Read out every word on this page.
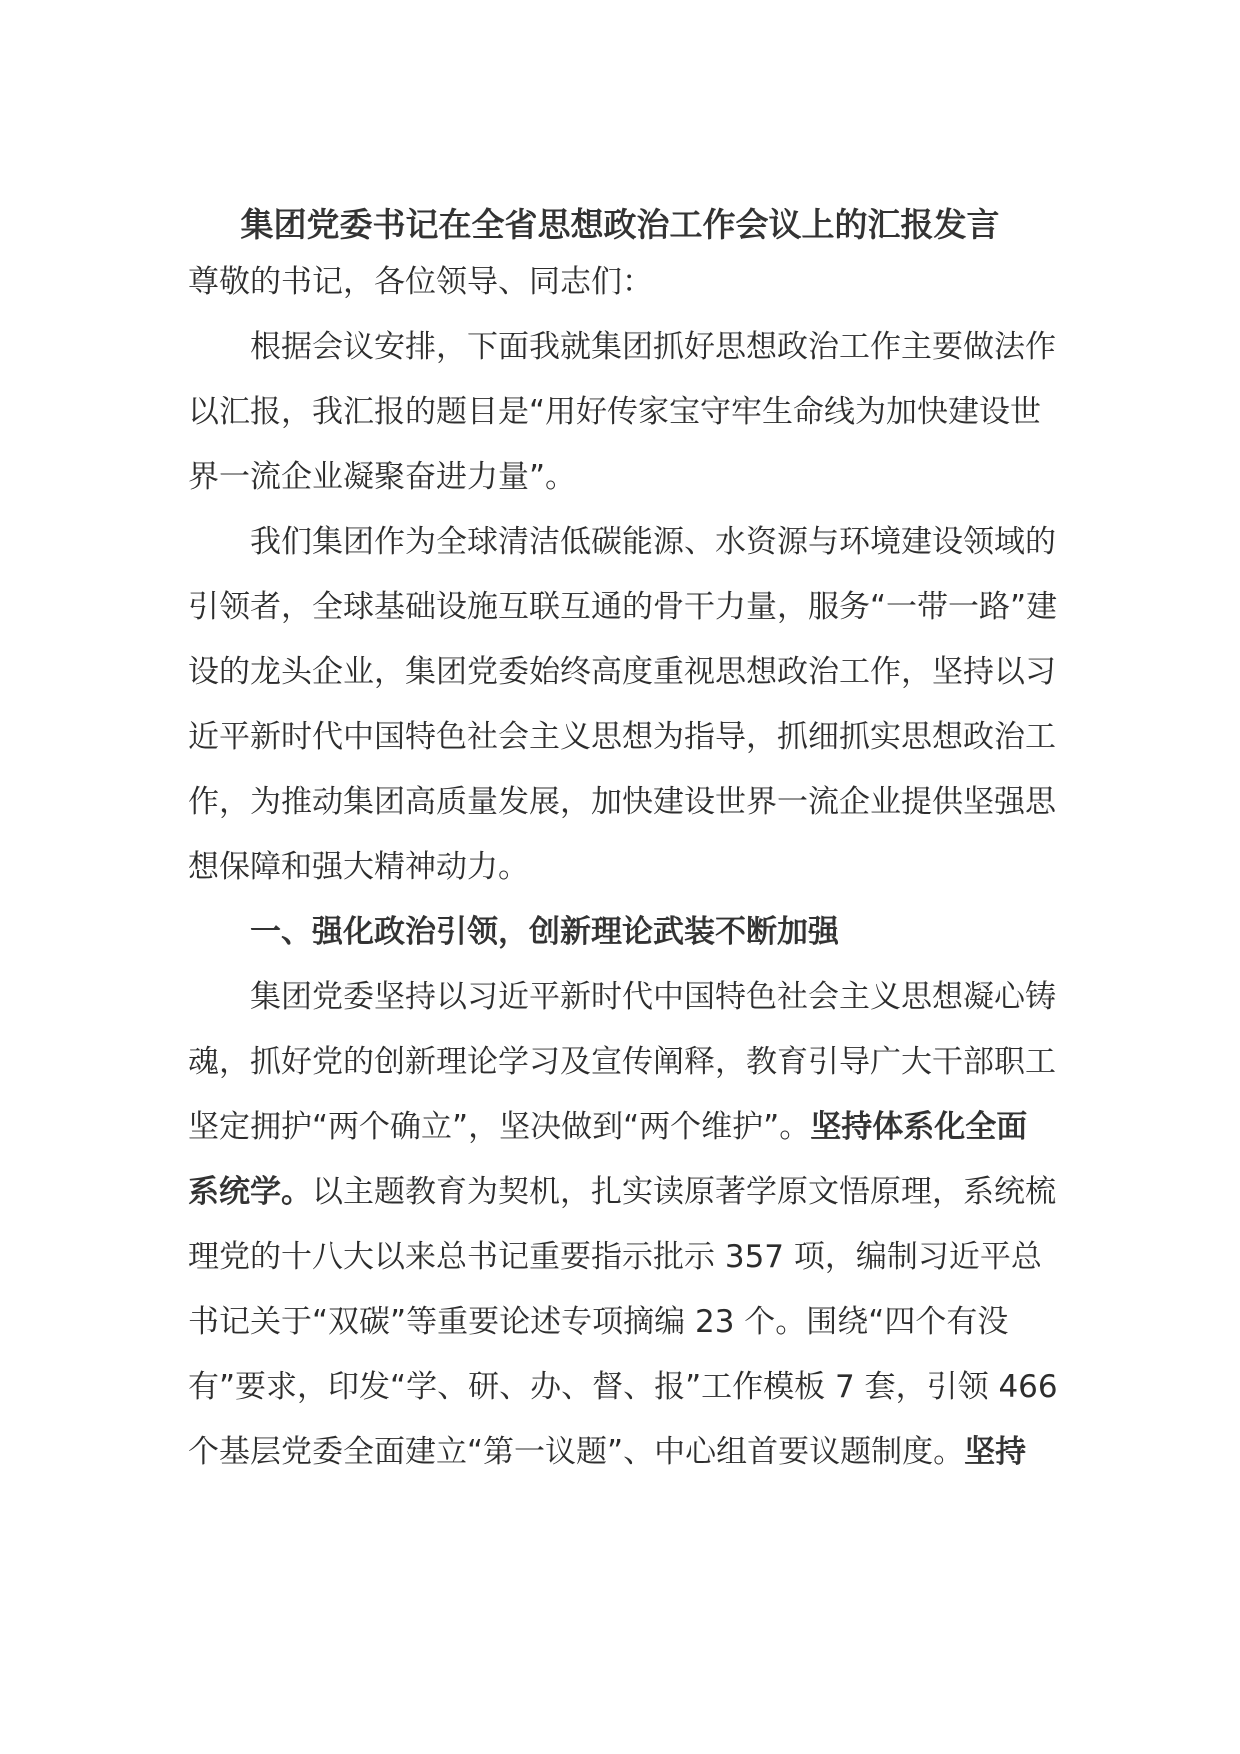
集团党委书记在全省思想政治工作会议上的汇报发言

尊敬的书记，各位领导、同志们：

根据会议安排，下面我就集团抓好思想政治工作主要做法作以汇报，我汇报的题目是“用好传家宝守牢生命线为加快建设世界一流企业凝聚奋进力量”。

我们集团作为全球清洁低碳能源、水资源与环境建设领域的引领者，全球基础设施互联互通的骨干力量，服务“一带一路”建设的龙头企业，集团党委始终高度重视思想政治工作，坚持以习近平新时代中国特色社会主义思想为指导，抓细抓实思想政治工作，为推动集团高质量发展，加快建设世界一流企业提供坚强思想保障和强大精神动力。

一、强化政治引领，创新理论武装不断加强

集团党委坚持以习近平新时代中国特色社会主义思想凝心铸魂，抓好党的创新理论学习及宣传阐释，教育引导广大干部职工坚定拥护“两个确立”，坚决做到“两个维护”。坚持体系化全面系统学。以主题教育为契机，扎实读原著学原文悟原理，系统梳理党的十八大以来总书记重要指示批示 357 项，编制习近平总书记关于“双碳”等重要论述专项摘编 23 个。围绕“四个有没有”要求，印发“学、研、办、督、报”工作模板 7 套，引领 466 个基层党委全面建立“第一议题”、中心组首要议题制度。坚持
